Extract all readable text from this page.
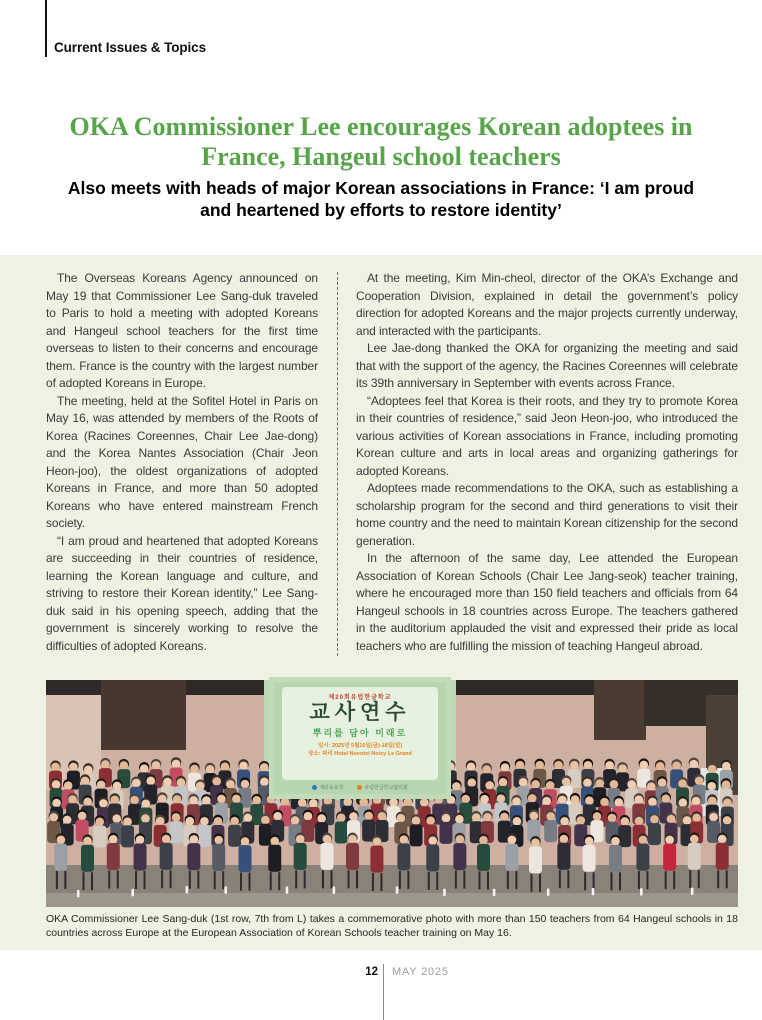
Current Issues & Topics
OKA Commissioner Lee encourages Korean adoptees in
France, Hangeul school teachers
Also meets with heads of major Korean associations in France: ‘I am proud and heartened by efforts to restore identity’

The Overseas Koreans Agency announced on May 19 that Commissioner Lee Sang-duk traveled to Paris to hold a meeting with adopted Koreans and Hangeul school teachers for the first time overseas to listen to their concerns and encourage them. France is the country with the largest number of adopted Koreans in Europe.

The meeting, held at the Sofitel Hotel in Paris on May 16, was attended by members of the Roots of Korea (Racines Coreennes, Chair Lee Jae-dong) and the Korea Nantes Association (Chair Jeon Heon-joo), the oldest organizations of adopted Koreans in France, and more than 50 adopted Koreans who have entered mainstream French society.

“I am proud and heartened that adopted Koreans are succeeding in their countries of residence, learning the Korean language and culture, and striving to restore their Korean identity,” Lee Sang-duk said in his opening speech, adding that the government is sincerely working to resolve the difficulties of adopted Koreans.

At the meeting, Kim Min-cheol, director of the OKA’s Exchange and Cooperation Division, explained in detail the government’s policy direction for adopted Koreans and the major projects currently underway, and interacted with the participants.

Lee Jae-dong thanked the OKA for organizing the meeting and said that with the support of the agency, the Racines Coreennes will celebrate its 39th anniversary in September with events across France.

“Adoptees feel that Korea is their roots, and they try to promote Korea in their countries of residence,” said Jeon Heon-joo, who introduced the various activities of Korean associations in France, including promoting Korean culture and arts in local areas and organizing gatherings for adopted Koreans.

Adoptees made recommendations to the OKA, such as establishing a scholarship program for the second and third generations to visit their home country and the need to maintain Korean citizenship for the second generation.

In the afternoon of the same day, Lee attended the European Association of Korean Schools (Chair Lee Jang-seok) teacher training, where he encouraged more than 150 field teachers and officials from 64 Hangeul schools in 18 countries across Europe. The teachers gathered in the auditorium applauded the visit and expressed their pride as local teachers who are fulfilling the mission of teaching Hangeul abroad.

제20회유럽한글학교
교사연수
뿌리를 담아 미래로
일시: 2025년 5월16일(금)-18일(일)
장소: 파리 Hotel Novotel Noisy Le Grand
재외동포청	유럽한글학교협의회
OKA Commissioner Lee Sang-duk (1st row, 7th from L) takes a commemorative photo with more than 150 teachers from 64 Hangeul schools in 18 countries across Europe at the European Association of Korean Schools teacher training on May 16.
12 MAY 2025
